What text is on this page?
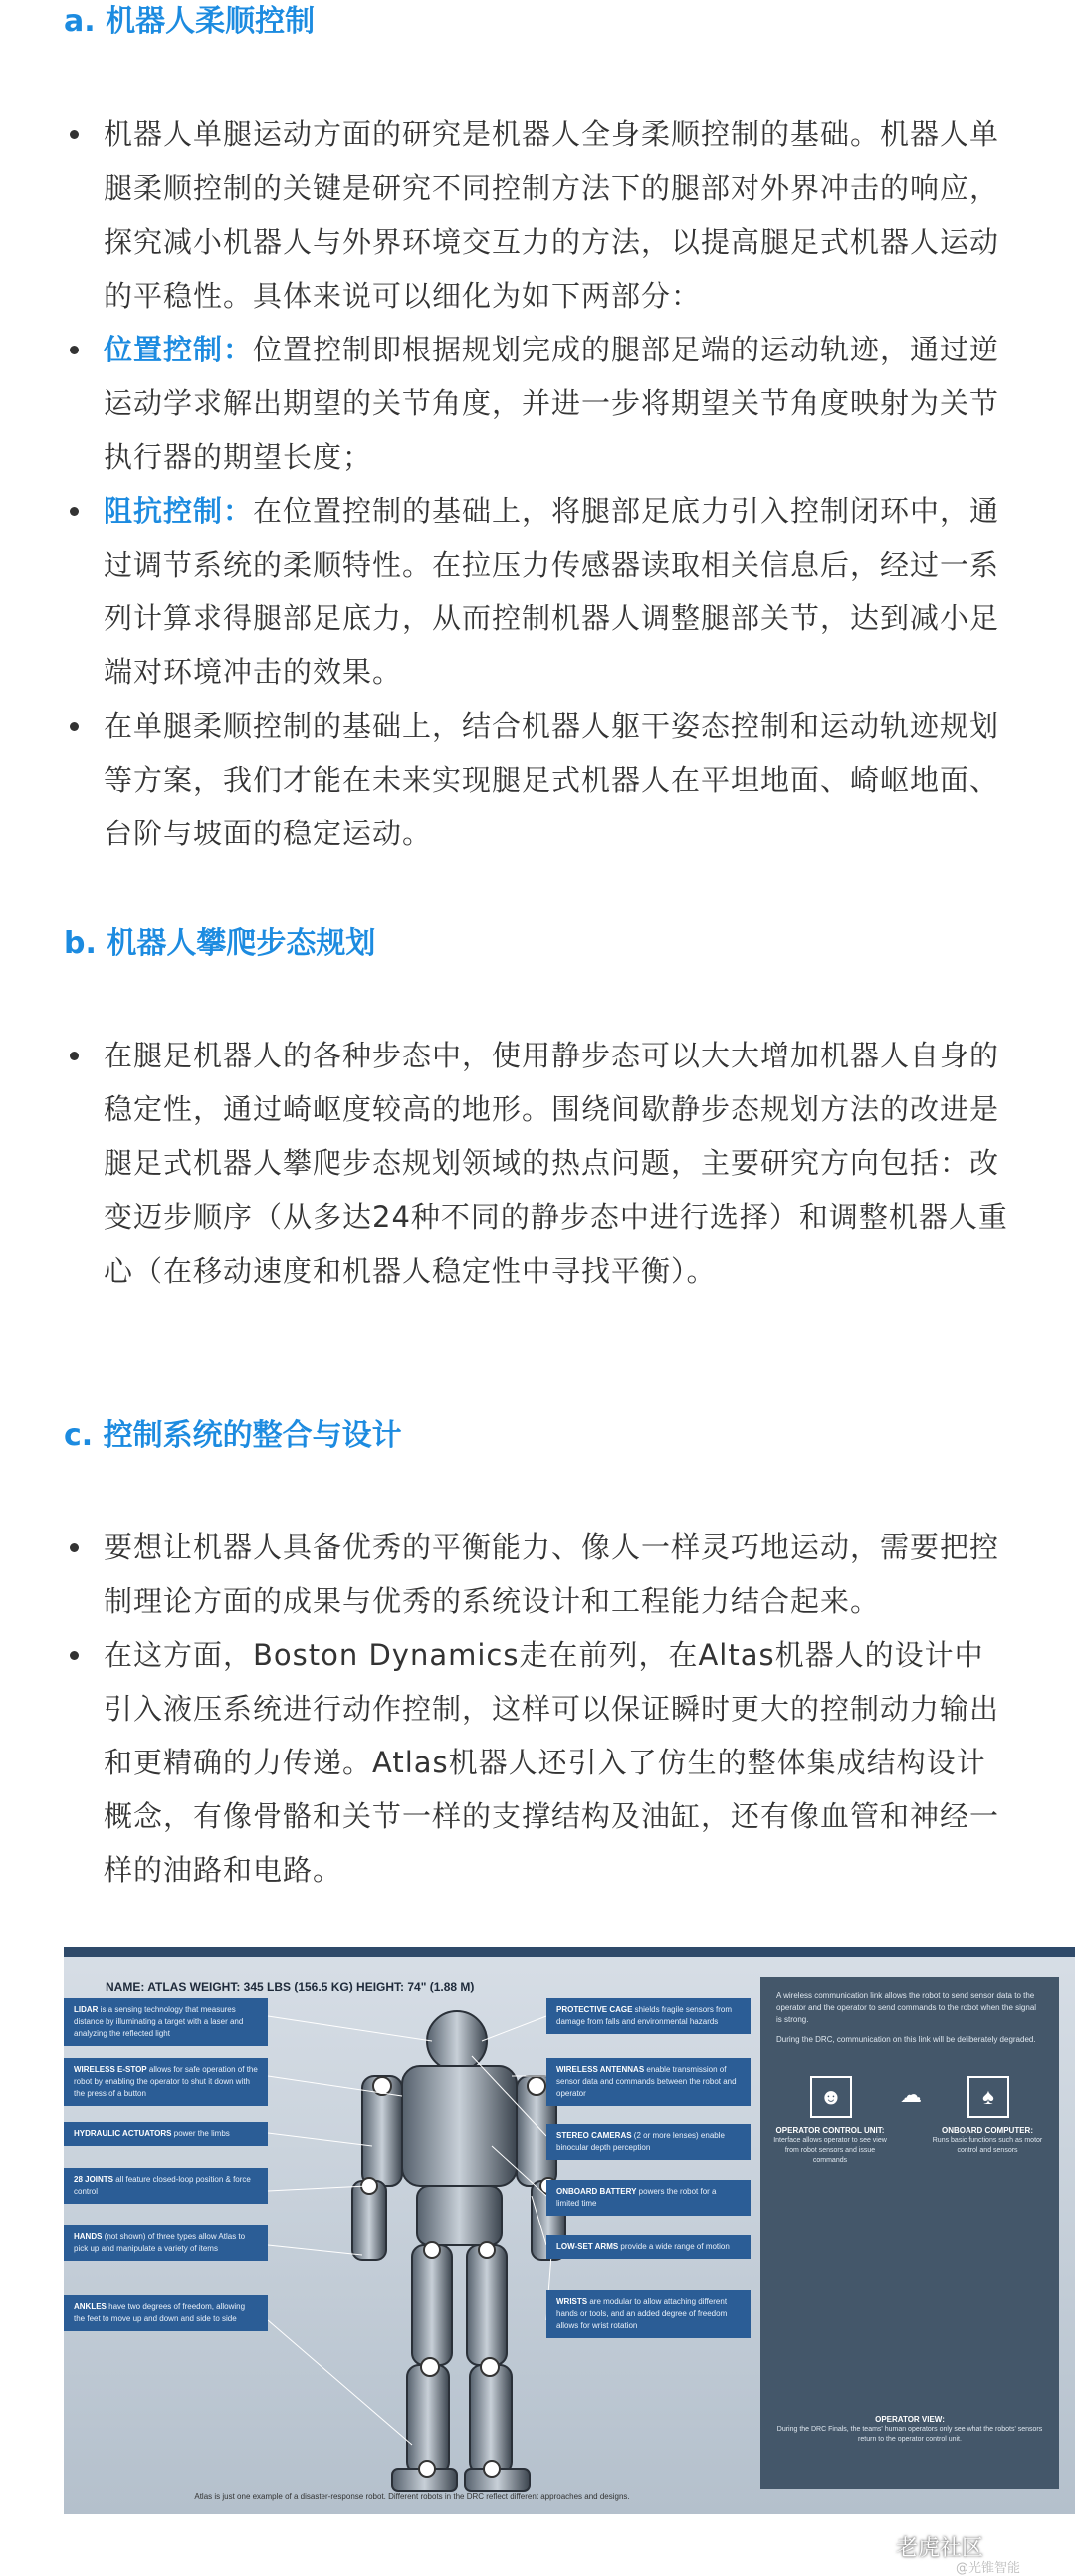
a. 机器人柔顺控制
机器人单腿运动方面的研究是机器人全身柔顺控制的基础。机器人单腿柔顺控制的关键是研究不同控制方法下的腿部对外界冲击的响应，探究减小机器人与外界环境交互力的方法，以提高腿足式机器人运动的平稳性。具体来说可以细化为如下两部分：
位置控制：位置控制即根据规划完成的腿部足端的运动轨迹，通过逆运动学求解出期望的关节角度，并进一步将期望关节角度映射为关节执行器的期望长度；
阻抗控制：在位置控制的基础上，将腿部足底力引入控制闭环中，通过调节系统的柔顺特性。在拉压力传感器读取相关信息后，经过一系列计算求得腿部足底力，从而控制机器人调整腿部关节，达到减小足端对环境冲击的效果。
在单腿柔顺控制的基础上，结合机器人躯干姿态控制和运动轨迹规划等方案，我们才能在未来实现腿足式机器人在平坦地面、崎岖地面、台阶与坡面的稳定运动。
b. 机器人攀爬步态规划
在腿足机器人的各种步态中，使用静步态可以大大增加机器人自身的稳定性，通过崎岖度较高的地形。围绕间歇静步态规划方法的改进是腿足式机器人攀爬步态规划领域的热点问题，主要研究方向包括：改变迈步顺序（从多达24种不同的静步态中进行选择）和调整机器人重心（在移动速度和机器人稳定性中寻找平衡）。
c. 控制系统的整合与设计
要想让机器人具备优秀的平衡能力、像人一样灵巧地运动，需要把控制理论方面的成果与优秀的系统设计和工程能力结合起来。
在这方面，Boston Dynamics走在前列，在Altas机器人的设计中引入液压系统进行动作控制，这样可以保证瞬时更大的控制动力输出和更精确的力传递。Atlas机器人还引入了仿生的整体集成结构设计概念，有像骨骼和关节一样的支撑结构及油缸，还有像血管和神经一样的油路和电路。
NAME: ATLAS WEIGHT: 345 LBS (156.5 KG) HEIGHT: 74" (1.88 M)
LIDAR is a sensing technology that measures distance by illuminating a target with a laser and analyzing the reflected light
WIRELESS E-STOP allows for safe operation of the robot by enabling the operator to shut it down with the press of a button
HYDRAULIC ACTUATORS power the limbs
28 JOINTS all feature closed-loop position & force control
HANDS (not shown) of three types allow Atlas to pick up and manipulate a variety of items
ANKLES have two degrees of freedom, allowing the feet to move up and down and side to side
PROTECTIVE CAGE shields fragile sensors from damage from falls and environmental hazards
WIRELESS ANTENNAS enable transmission of sensor data and commands between the robot and operator
STEREO CAMERAS (2 or more lenses) enable binocular depth perception
ONBOARD BATTERY powers the robot for a limited time
LOW-SET ARMS provide a wide range of motion
WRISTS are modular to allow attaching different hands or tools, and an added degree of freedom allows for wrist rotation

A wireless communication link allows the robot to send sensor data to the operator and the operator to send commands to the robot when the signal is strong.

During the DRC, communication on this link will be deliberately degraded.

☻	☁	♠
OPERATOR CONTROL UNIT:
Interface allows operator to see view from robot sensors and issue commands
ONBOARD COMPUTER:
Runs basic functions such as motor control and sensors
OPERATOR VIEW:
During the DRC Finals, the teams' human operators only see what the robots' sensors return to the operator control unit.
Atlas is just one example of a disaster-response robot. Different robots in the DRC reflect different approaches and designs.
老虎社区
@光锥智能
